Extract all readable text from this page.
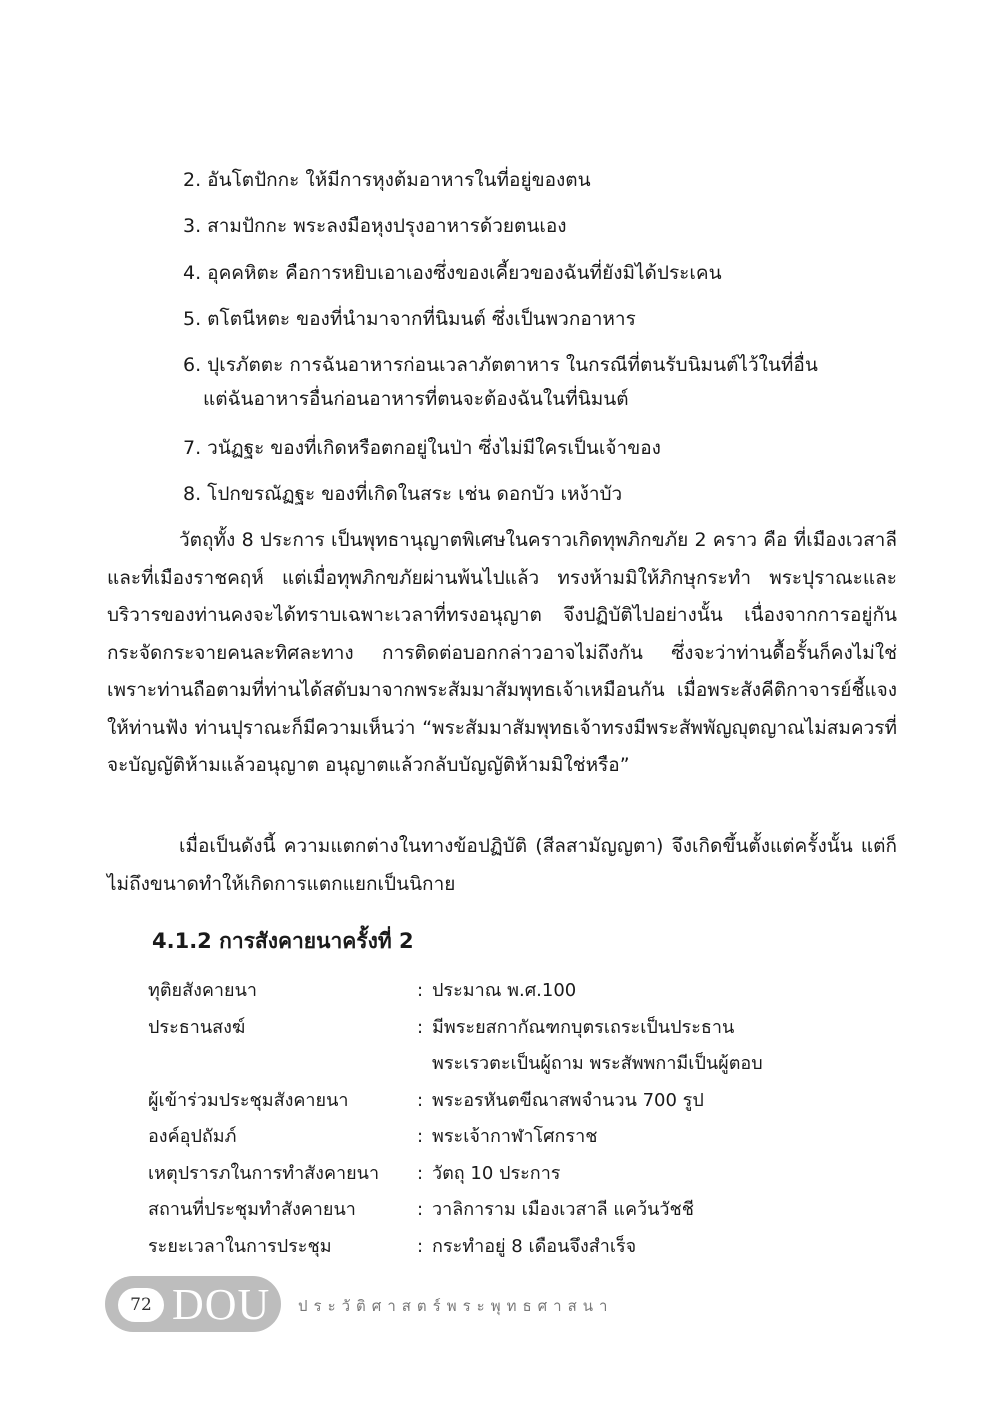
2. อันโตปักกะ ให้มีการหุงต้มอาหารในที่อยู่ของตน
3. สามปักกะ พระลงมือหุงปรุงอาหารด้วยตนเอง
4. อุคคหิตะ คือการหยิบเอาเองซึ่งของเคี้ยวของฉันที่ยังมิได้ประเคน
5. ตโตนีหตะ ของที่นำมาจากที่นิมนต์ ซึ่งเป็นพวกอาหาร
6. ปุเรภัตตะ การฉันอาหารก่อนเวลาภัตตาหาร ในกรณีที่ตนรับนิมนต์ไว้ในที่อื่น
แต่ฉันอาหารอื่นก่อนอาหารที่ตนจะต้องฉันในที่นิมนต์
7. วนัฏฐะ ของที่เกิดหรือตกอยู่ในป่า ซึ่งไม่มีใครเป็นเจ้าของ
8. โปกขรณัฏฐะ ของที่เกิดในสระ เช่น ดอกบัว เหง้าบัว
วัตถุทั้ง 8 ประการ เป็นพุทธานุญาตพิเศษในคราวเกิดทุพภิกขภัย 2 คราว คือ ที่เมืองเวสาลีและที่เมืองราชคฤห์ แต่เมื่อทุพภิกขภัยผ่านพ้นไปแล้ว ทรงห้ามมิให้ภิกษุกระทำ พระปุราณะและบริวารของท่านคงจะได้ทราบเฉพาะเวลาที่ทรงอนุญาต จึงปฏิบัติไปอย่างนั้น เนื่องจากการอยู่กันกระจัดกระจายคนละทิศละทาง การติดต่อบอกกล่าวอาจไม่ถึงกัน ซึ่งจะว่าท่านดื้อรั้นก็คงไม่ใช่ เพราะท่านถือตามที่ท่านได้สดับมาจากพระสัมมาสัมพุทธเจ้าเหมือนกัน เมื่อพระสังคีติกาจารย์ชี้แจงให้ท่านฟัง ท่านปุราณะก็มีความเห็นว่า “พระสัมมาสัมพุทธเจ้าทรงมีพระสัพพัญญุตญาณไม่สมควรที่จะบัญญัติห้ามแล้วอนุญาต อนุญาตแล้วกลับบัญญัติห้ามมิใช่หรือ”
เมื่อเป็นดังนี้ ความแตกต่างในทางข้อปฏิบัติ (สีลสามัญญตา) จึงเกิดขึ้นตั้งแต่ครั้งนั้น แต่ก็ไม่ถึงขนาดทำให้เกิดการแตกแยกเป็นนิกาย
4.1.2 การสังคายนาครั้งที่ 2
ทุติยสังคายนา	: ประมาณ พ.ศ.100
ประธานสงฆ์	: มีพระยสกากัณฑกบุตรเถระเป็นประธาน
พระเรวตะเป็นผู้ถาม พระสัพพกามีเป็นผู้ตอบ
ผู้เข้าร่วมประชุมสังคายนา	: พระอรหันตขีณาสพจำนวน 700 รูป
องค์อุปถัมภ์	: พระเจ้ากาฬาโศกราช
เหตุปรารภในการทำสังคายนา	: วัตถุ 10 ประการ
สถานที่ประชุมทำสังคายนา	: วาลิการาม เมืองเวสาลี แคว้นวัชชี
ระยะเวลาในการประชุม	: กระทำอยู่ 8 เดือนจึงสำเร็จ
72 DOU ประวัติศาสตร์พระพุทธศาสนา
